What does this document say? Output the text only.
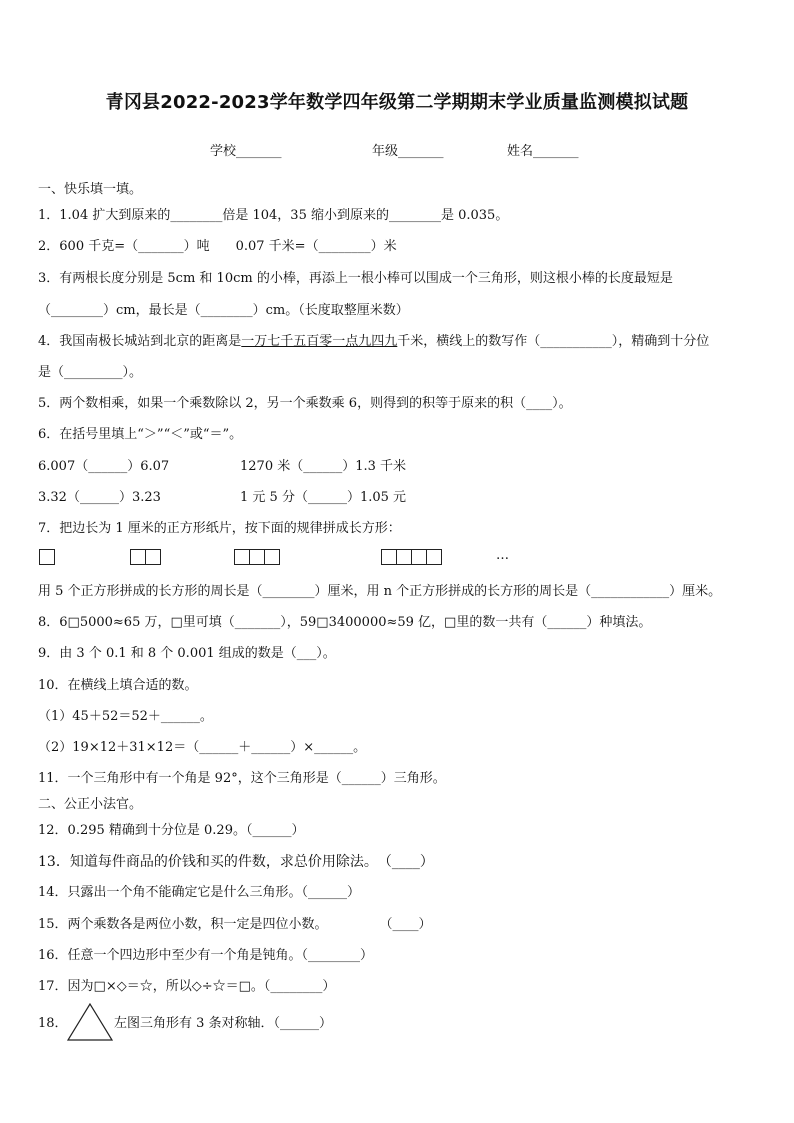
青冈县2022-2023学年数学四年级第二学期期末学业质量监测模拟试题
学校_______	年级_______	姓名_______
一、快乐填一填。
1．1.04 扩大到原来的________倍是 104，35 缩小到原来的________是 0.035。
2．600 千克=（_______）吨　　0.07 千米=（________）米
3．有两根长度分别是 5cm 和 10cm 的小棒，再添上一根小棒可以围成一个三角形，则这根小棒的长度最短是
（________）cm，最长是（________）cm。（长度取整厘米数）
4．我国南极长城站到北京的距离是一万七千五百零一点九四九千米，横线上的数写作（___________），精确到十分位
是（_________）。
5．两个数相乘，如果一个乘数除以 2，另一个乘数乘 6，则得到的积等于原来的积（____）。
6．在括号里填上“＞”“＜”或“＝”。
6.007（______）6.07	1270 米（______）1.3 千米
3.32（______）3.23	1 元 5 分（______）1.05 元
7．把边长为 1 厘米的正方形纸片，按下面的规律拼成长方形：
…
用 5 个正方形拼成的长方形的周长是（________）厘米，用 n 个正方形拼成的长方形的周长是（____________）厘米。
8．6□5000≈65 万，□里可填（_______），59□3400000≈59 亿，□里的数一共有（______）种填法。
9．由 3 个 0.1 和 8 个 0.001 组成的数是（___）。
10．在横线上填合适的数。
（1）45＋52＝52＋______。
（2）19×12＋31×12＝（______＋______）×______。
11．一个三角形中有一个角是 92°，这个三角形是（______）三角形。
二、公正小法官。
12．0.295 精确到十分位是 0.29。（______）
13．知道每件商品的价钱和买的件数，求总价用除法。　（____）
14．只露出一个角不能确定它是什么三角形。（______）
15．两个乘数各是两位小数，积一定是四位小数。　　　　　（____）
16．任意一个四边形中至少有一个角是钝角。（________）
17．因为□×◇＝☆，所以◇÷☆＝□。（________）
18．	左图三角形有 3 条对称轴．（______）
